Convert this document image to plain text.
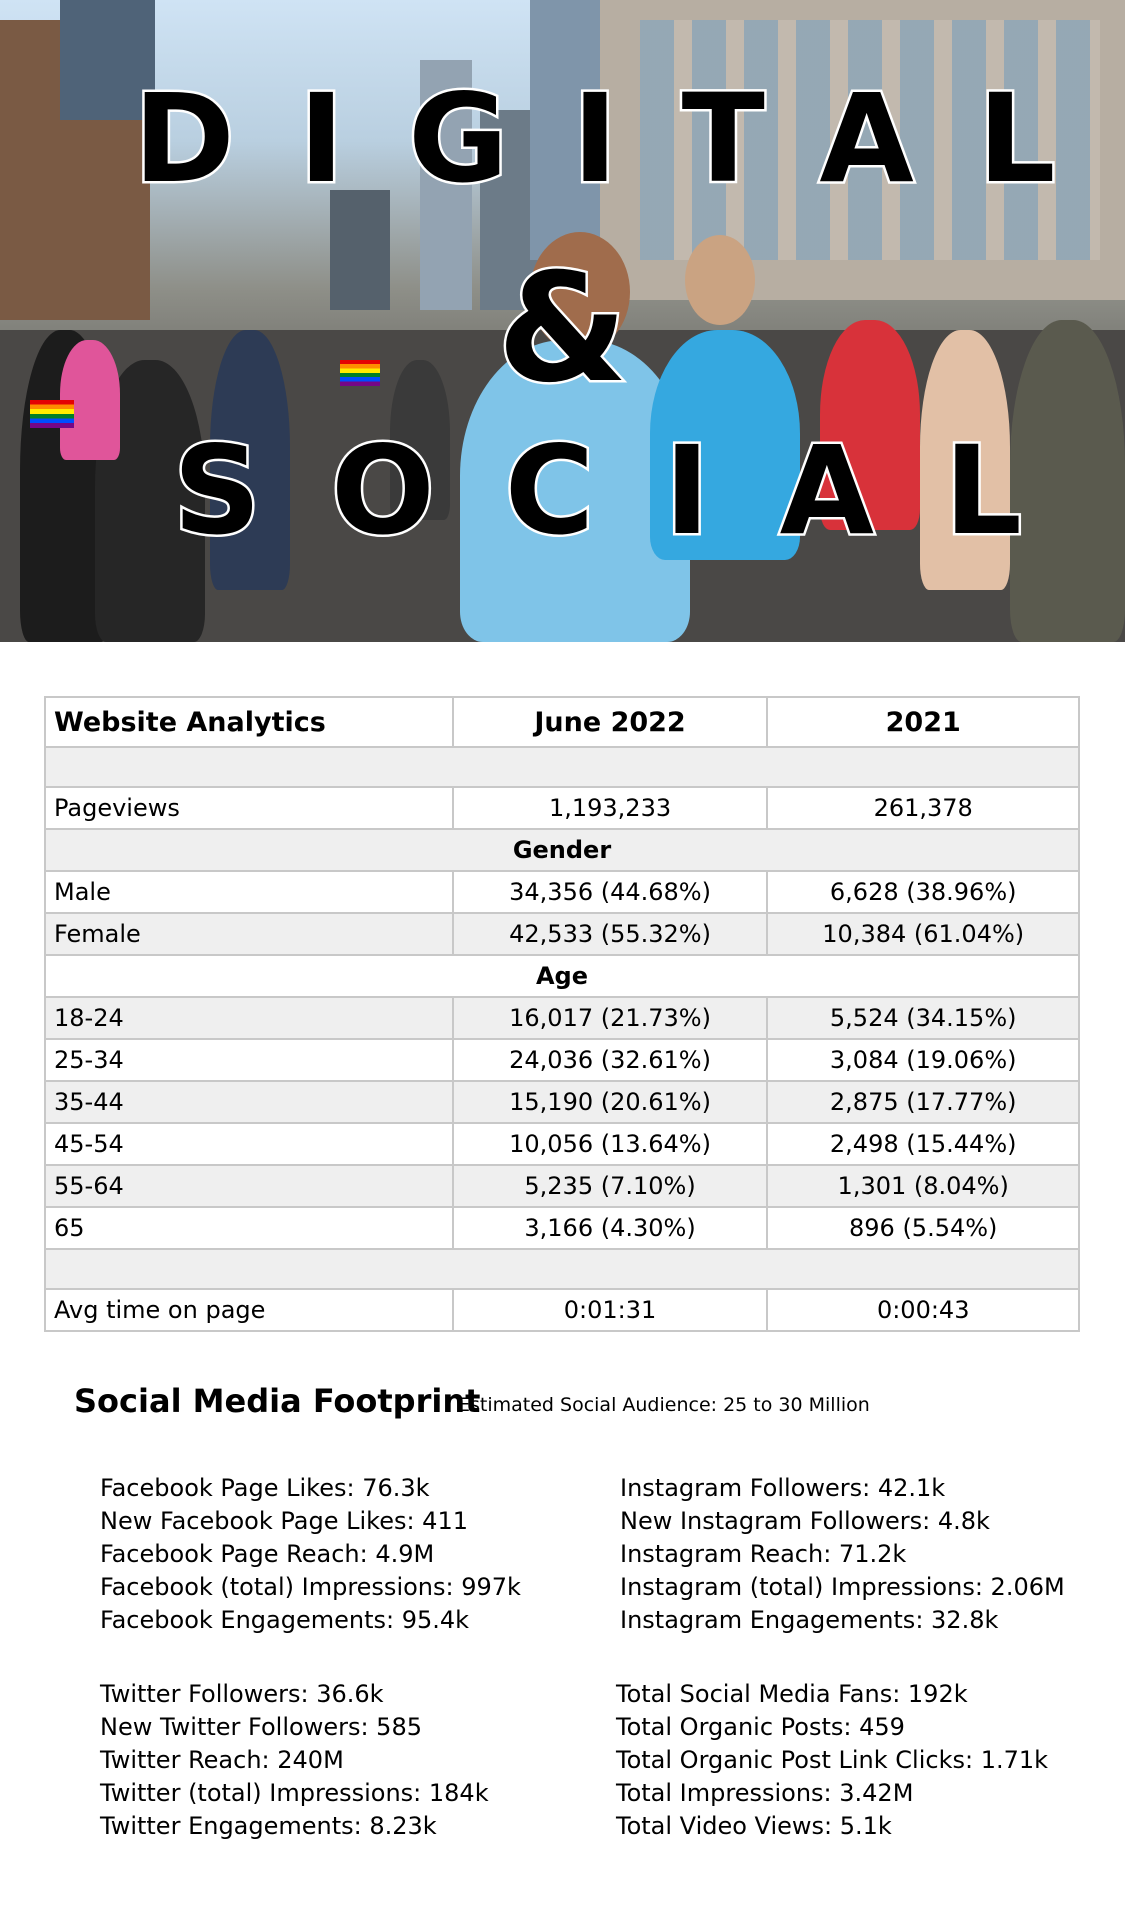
DIGITAL
&
SOCIAL
Website Analytics	June 2022	2021

Pageviews	1,193,233	261,378
Gender		
Male	34,356 (44.68%)	6,628 (38.96%)
Female	42,533 (55.32%)	10,384 (61.04%)
Age		
18-24	16,017 (21.73%)	5,524 (34.15%)
25-34	24,036 (32.61%)	3,084 (19.06%)
35-44	15,190 (20.61%)	2,875 (17.77%)
45-54	10,056 (13.64%)	2,498 (15.44%)
55-64	5,235 (7.10%)	1,301 (8.04%)
65	3,166 (4.30%)	896 (5.54%)

Avg time on page	0:01:31	0:00:43
Social Media Footprint
Estimated Social Audience: 25 to 30 Million
Facebook Page Likes: 76.3k
New Facebook Page Likes: 411
Facebook Page Reach: 4.9M
Facebook (total) Impressions: 997k
Facebook Engagements: 95.4k
Instagram Followers: 42.1k
New Instagram Followers: 4.8k
Instagram Reach: 71.2k
Instagram (total) Impressions: 2.06M
Instagram Engagements: 32.8k
Twitter Followers: 36.6k
New Twitter Followers: 585
Twitter Reach: 240M
Twitter (total) Impressions: 184k
Twitter Engagements: 8.23k
Total Social Media Fans: 192k
Total Organic Posts: 459
Total Organic Post Link Clicks: 1.71k
Total Impressions: 3.42M
Total Video Views: 5.1k
